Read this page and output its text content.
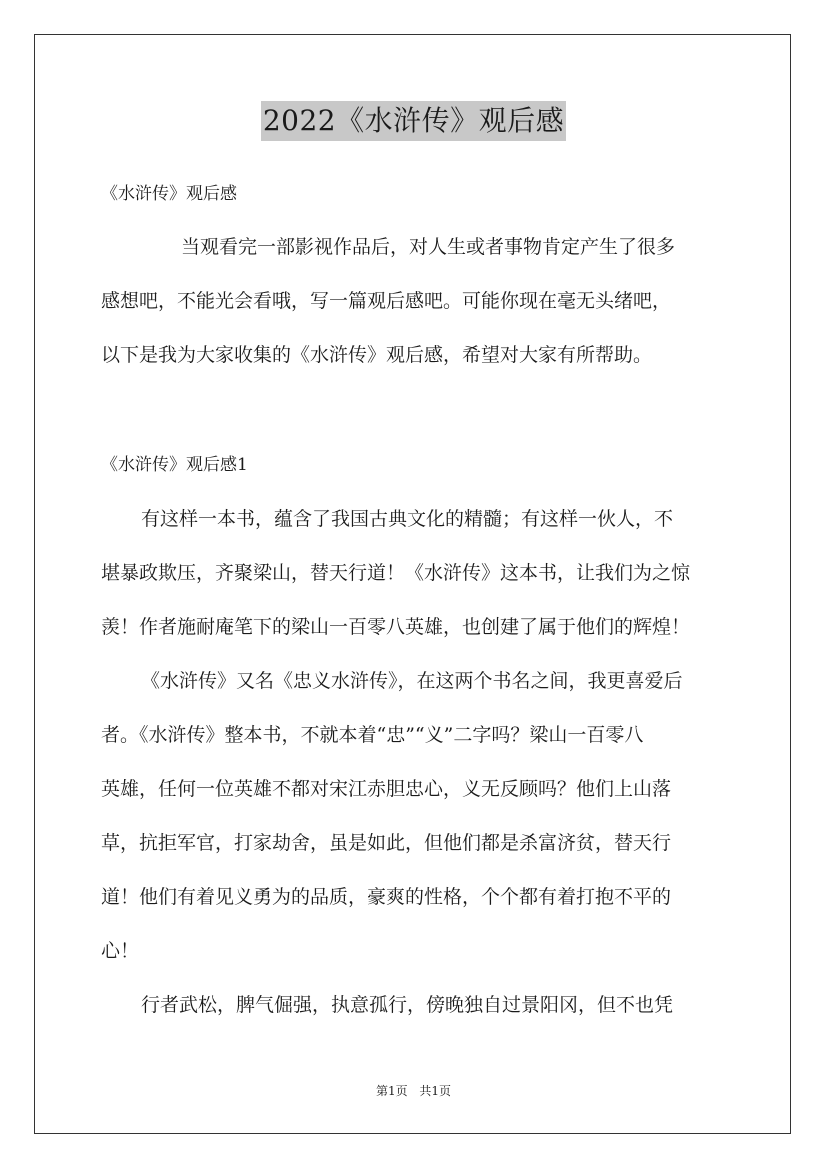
2022《水浒传》观后感
《水浒传》观后感
当观看完一部影视作品后，对人生或者事物肯定产生了很多
感想吧，不能光会看哦，写一篇观后感吧。可能你现在毫无头绪吧，
以下是我为大家收集的《水浒传》观后感，希望对大家有所帮助。
《水浒传》观后感1
有这样一本书，蕴含了我国古典文化的精髓；有这样一伙人，不
堪暴政欺压，齐聚梁山，替天行道！《水浒传》这本书，让我们为之惊
羡！作者施耐庵笔下的梁山一百零八英雄，也创建了属于他们的辉煌！
《水浒传》又名《忠义水浒传》，在这两个书名之间，我更喜爱后
者。《水浒传》整本书，不就本着“忠”“义”二字吗？梁山一百零八
英雄，任何一位英雄不都对宋江赤胆忠心，义无反顾吗？他们上山落
草，抗拒军官，打家劫舍，虽是如此，但他们都是杀富济贫，替天行
道！他们有着见义勇为的品质，豪爽的性格，个个都有着打抱不平的
心！
行者武松，脾气倔强，执意孤行，傍晚独自过景阳冈，但不也凭
第1页 共1页
